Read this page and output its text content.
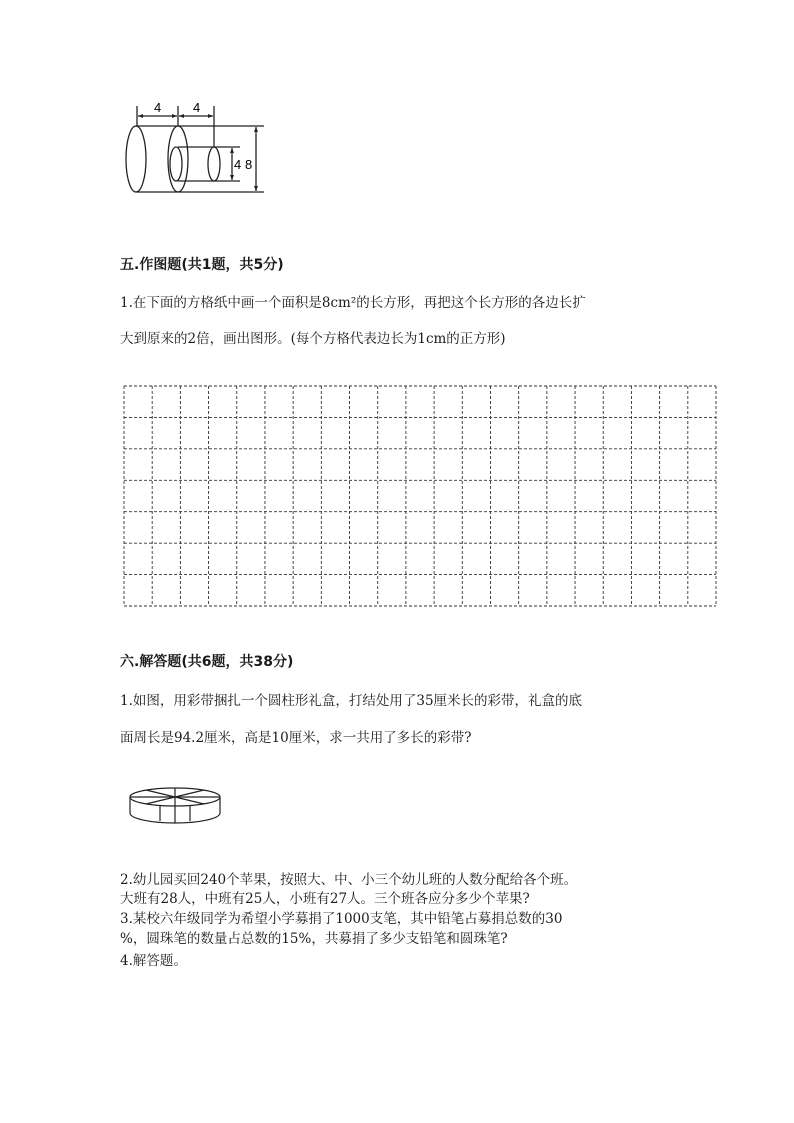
4 4
4 8
五.作图题(共1题，共5分)
1.在下面的方格纸中画一个面积是8cm²的长方形，再把这个长方形的各边长扩
大到原来的2倍，画出图形。(每个方格代表边长为1cm的正方形)
六.解答题(共6题，共38分)
1.如图，用彩带捆扎一个圆柱形礼盒，打结处用了35厘米长的彩带，礼盒的底
面周长是94.2厘米，高是10厘米，求一共用了多长的彩带?
2.幼儿园买回240个苹果，按照大、中、小三个幼儿班的人数分配给各个班。
大班有28人，中班有25人，小班有27人。三个班各应分多少个苹果?
3.某校六年级同学为希望小学募捐了1000支笔，其中铅笔占募捐总数的30
%，圆珠笔的数量占总数的15%，共募捐了多少支铅笔和圆珠笔?
4.解答题。
